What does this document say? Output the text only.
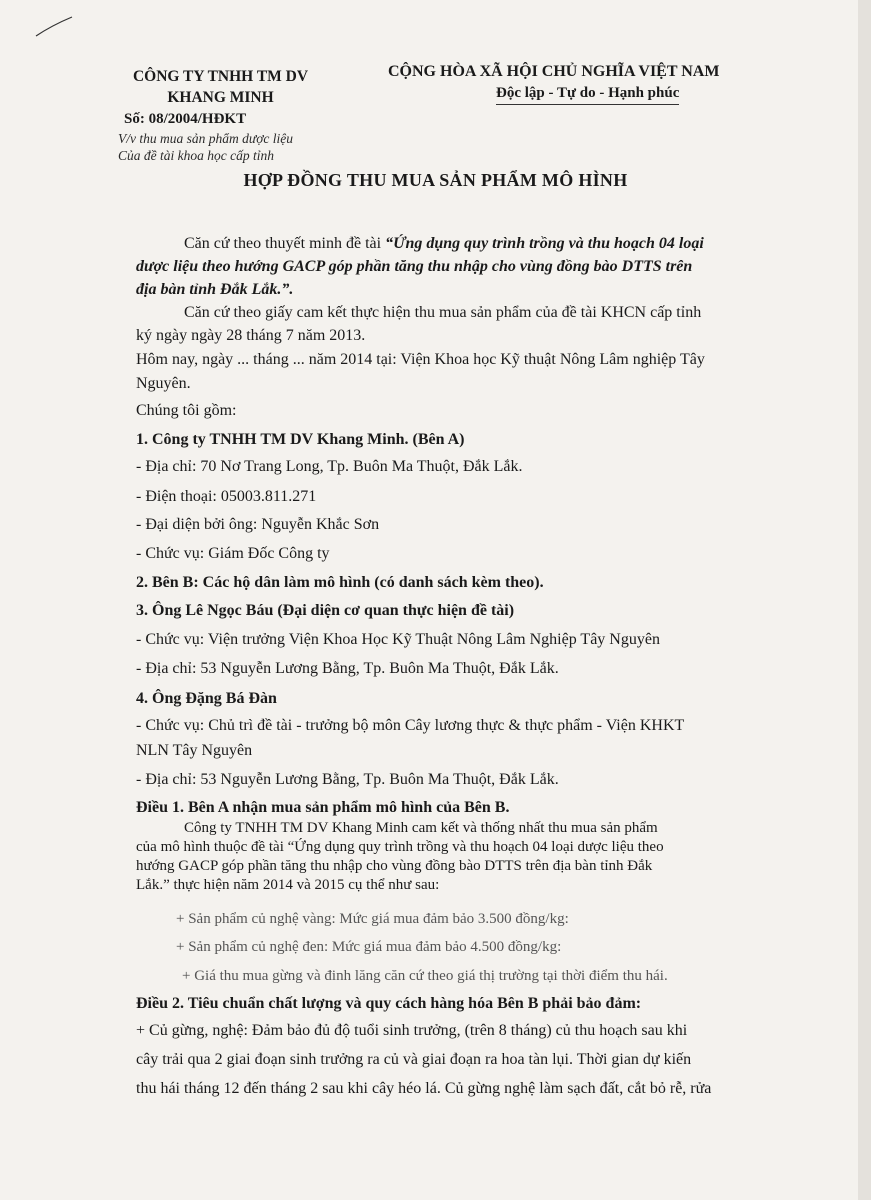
CÔNG TY TNHH TM DV
KHANG MINH
Số: 08/2004/HĐKT
V/v thu mua sản phẩm dược liệu
Của đề tài khoa học cấp tỉnh
CỘNG HÒA XÃ HỘI CHỦ NGHĨA VIỆT NAM
Độc lập - Tự do - Hạnh phúc
HỢP ĐỒNG THU MUA SẢN PHẨM MÔ HÌNH
Căn cứ theo thuyết minh đề tài “Ứng dụng quy trình trồng và thu hoạch 04 loại
dược liệu theo hướng GACP góp phần tăng thu nhập cho vùng đồng bào DTTS trên
địa bàn tỉnh Đắk Lắk.”.
Căn cứ theo giấy cam kết thực hiện thu mua sản phẩm của đề tài KHCN cấp tỉnh
ký ngày ngày 28 tháng 7 năm 2013.
Hôm nay, ngày ... tháng ... năm 2014 tại: Viện Khoa học Kỹ thuật Nông Lâm nghiệp Tây
Nguyên.
Chúng tôi gồm:
1. Công ty TNHH TM DV Khang Minh. (Bên A)
- Địa chỉ: 70 Nơ Trang Long, Tp. Buôn Ma Thuột, Đắk Lắk.
- Điện thoại: 05003.811.271
- Đại diện bởi ông: Nguyễn Khắc Sơn
- Chức vụ: Giám Đốc Công ty
2. Bên B: Các hộ dân làm mô hình (có danh sách kèm theo).
3. Ông Lê Ngọc Báu (Đại diện cơ quan thực hiện đề tài)
- Chức vụ: Viện trưởng Viện Khoa Học Kỹ Thuật Nông Lâm Nghiệp Tây Nguyên
- Địa chỉ: 53 Nguyễn Lương Bằng, Tp. Buôn Ma Thuột, Đắk Lắk.
4. Ông Đặng Bá Đàn
- Chức vụ: Chủ trì đề tài - trưởng bộ môn Cây lương thực & thực phẩm - Viện KHKT
NLN Tây Nguyên
- Địa chỉ: 53 Nguyễn Lương Bằng, Tp. Buôn Ma Thuột, Đắk Lắk.
Điều 1. Bên A nhận mua sản phẩm mô hình của Bên B.
Công ty TNHH TM DV Khang Minh cam kết và thống nhất thu mua sản phẩm
của mô hình thuộc đề tài “Ứng dụng quy trình trồng và thu hoạch 04 loại dược liệu theo
hướng GACP góp phần tăng thu nhập cho vùng đồng bào DTTS trên địa bàn tỉnh Đắk
Lắk.” thực hiện năm 2014 và 2015 cụ thể như sau:
+ Sản phẩm củ nghệ vàng: Mức giá mua đảm bảo 3.500 đồng/kg:
+ Sản phẩm củ nghệ đen: Mức giá mua đảm bảo 4.500 đồng/kg:
+ Giá thu mua gừng và đinh lăng căn cứ theo giá thị trường tại thời điểm thu hái.
Điều 2. Tiêu chuẩn chất lượng và quy cách hàng hóa Bên B phải bảo đảm:
+ Củ gừng, nghệ: Đảm bảo đủ độ tuổi sinh trưởng, (trên 8 tháng) củ thu hoạch sau khi
cây trải qua 2 giai đoạn sinh trưởng ra củ và giai đoạn ra hoa tàn lụi. Thời gian dự kiến
thu hái tháng 12 đến tháng 2 sau khi cây héo lá. Củ gừng nghệ làm sạch đất, cắt bỏ rễ, rửa
